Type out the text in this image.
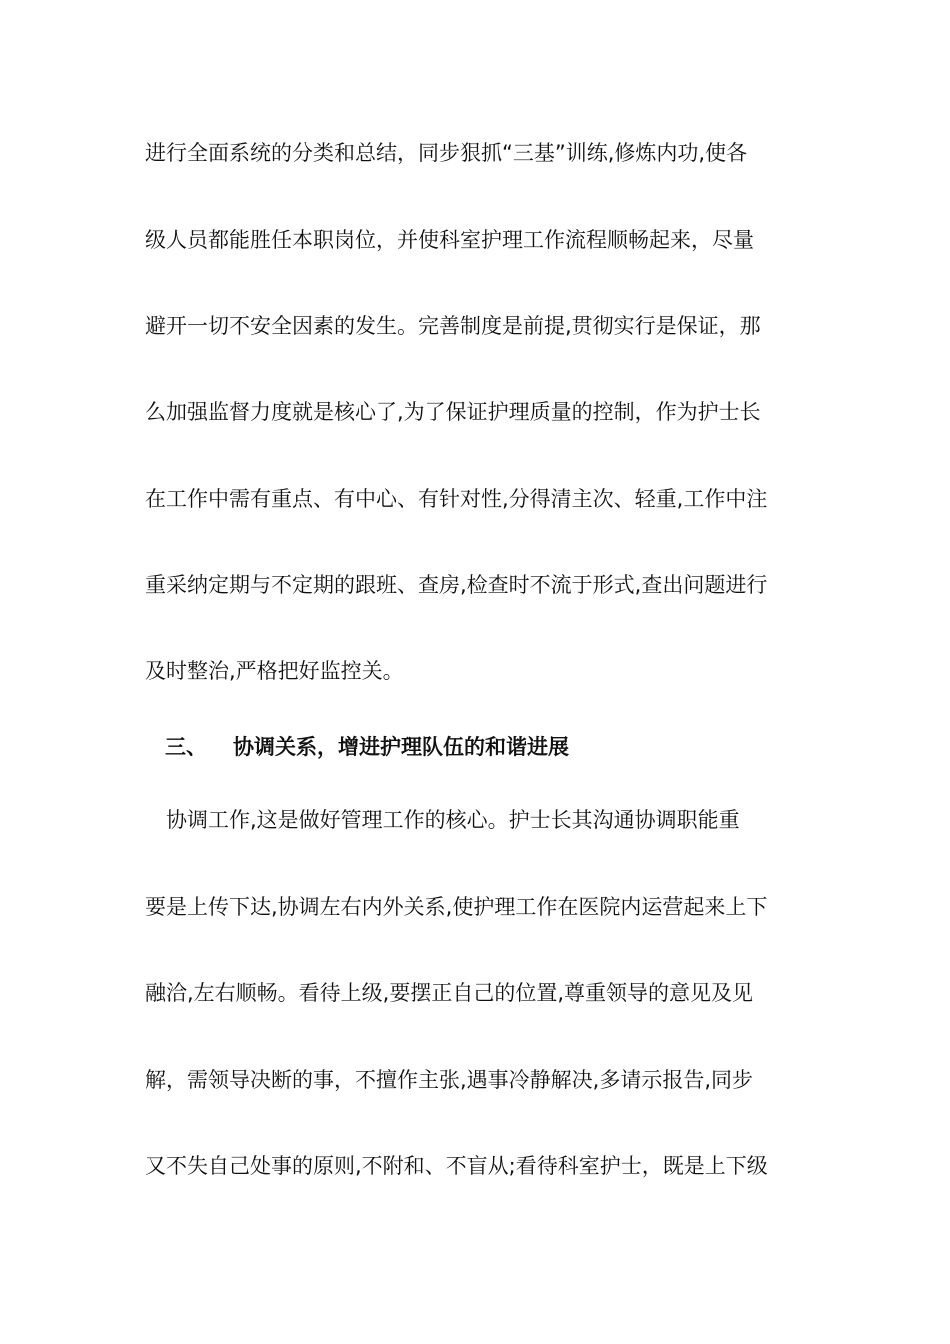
进行全面系统的分类和总结，同步狠抓“三基”训练,修炼内功,使各
级人员都能胜任本职岗位，并使科室护理工作流程顺畅起来，尽量
避开一切不安全因素的发生。完善制度是前提,贯彻实行是保证，那
么加强监督力度就是核心了,为了保证护理质量的控制，作为护士长
在工作中需有重点、有中心、有针对性,分得清主次、轻重,工作中注
重采纳定期与不定期的跟班、查房,检查时不流于形式,查出问题进行
及时整治,严格把好监控关。
三、 协调关系，增进护理队伍的和谐进展
　协调工作,这是做好管理工作的核心。护士长其沟通协调职能重
要是上传下达,协调左右内外关系,使护理工作在医院内运营起来上下
融洽,左右顺畅。看待上级,要摆正自己的位置,尊重领导的意见及见
解，需领导决断的事，不擅作主张,遇事冷静解决,多请示报告,同步
又不失自己处事的原则,不附和、不盲从;看待科室护士，既是上下级
